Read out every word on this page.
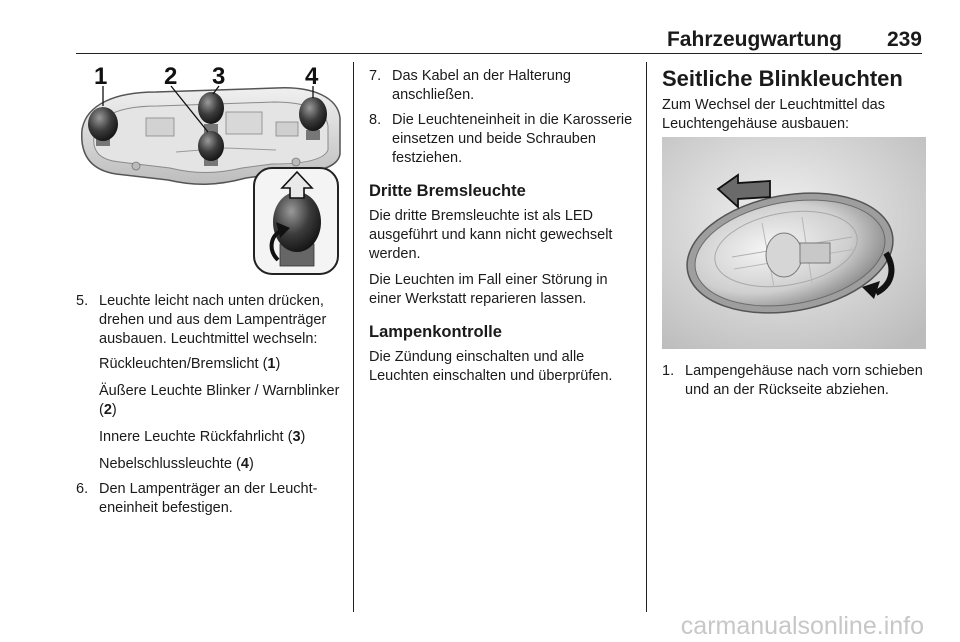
Fahrzeugwartung 239
1 2 3	4
5. Leuchte leicht nach unten drücken, drehen und aus dem Lampenträger ausbauen. Leuchtmittel wechseln:

Rückleuchten/Bremslicht (1)

Äußere Leuchte Blinker / Warnblinker (2)

Innere Leuchte Rückfahrlicht (3)

Nebelschlussleuchte (4)

6. Den Lampenträger an der Leuchteneinheit befestigen.

7. Das Kabel an der Halterung anschließen.

8. Die Leuchteneinheit in die Karosserie einsetzen und beide Schrauben festziehen.

Dritte Bremsleuchte

Die dritte Bremsleuchte ist als LED ausgeführt und kann nicht gewechselt werden.

Die Leuchten im Fall einer Störung in einer Werkstatt reparieren lassen.

Lampenkontrolle

Die Zündung einschalten und alle Leuchten einschalten und überprüfen.

Seitliche Blinkleuchten

Zum Wechsel der Leuchtmittel das Leuchtengehäuse ausbauen:

1. Lampengehäuse nach vorn schieben und an der Rückseite abziehen.

carmanualsonline.info
